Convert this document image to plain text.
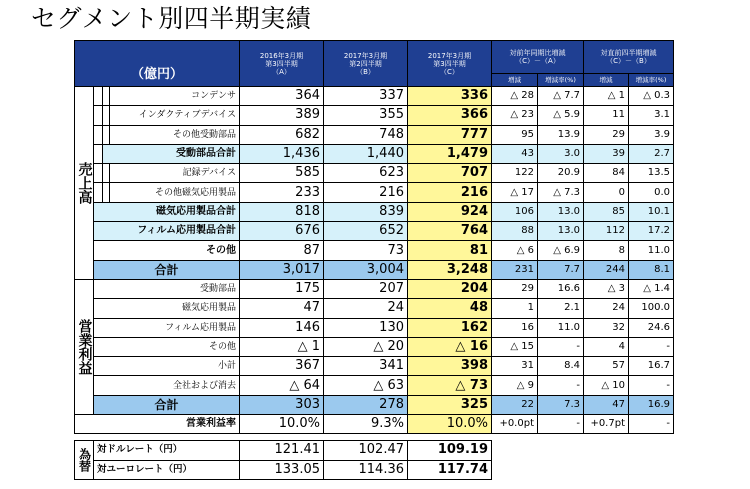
セグメント別四半期実績
（億円）				2016年3月期
第3四半期
（A）	2017年3月期
第2四半期
（B）	2017年3月期
第3四半期
（C）	対前年同期比増減
（C）－（A）		対直前四半期増減
（C）－（B）	
							増減	増減率(%)	増減	増減率(%)
売上高			コンデンサ	364	337	336	△ 28	△ 7.7	△ 1	△ 0.3
			インダクティブデバイス	389	355	366	△ 23	△ 5.9	11	3.1
			その他受動部品	682	748	777	95	13.9	29	3.9
		受動部品合計		1,436	1,440	1,479	43	3.0	39	2.7
			記録デバイス	585	623	707	122	20.9	84	13.5
			その他磁気応用製品	233	216	216	△ 17	△ 7.3	0	0.0
	磁気応用製品合計			818	839	924	106	13.0	85	10.1
	フィルム応用製品合計			676	652	764	88	13.0	112	17.2
	その他			87	73	81	△ 6	△ 6.9	8	11.0
	合計			3,017	3,004	3,248	231	7.7	244	8.1
営業利益	受動部品			175	207	204	29	16.6	△ 3	△ 1.4
	磁気応用製品			47	24	48	1	2.1	24	100.0
	フィルム応用製品			146	130	162	16	11.0	32	24.6
	その他			△ 1	△ 20	△ 16	△ 15	-	4	-
	小計			367	341	398	31	8.4	57	16.7
	全社および消去			△ 64	△ 63	△ 73	△ 9	-	△ 10	-
	合計			303	278	325	22	7.3	47	16.9
営業利益率				10.0%	9.3%	10.0%	+0.0pt	-	+0.7pt	-

為替	対ドルレート（円）			121.41	102.47	109.19				
	対ユーロレート（円）			133.05	114.36	117.74				
